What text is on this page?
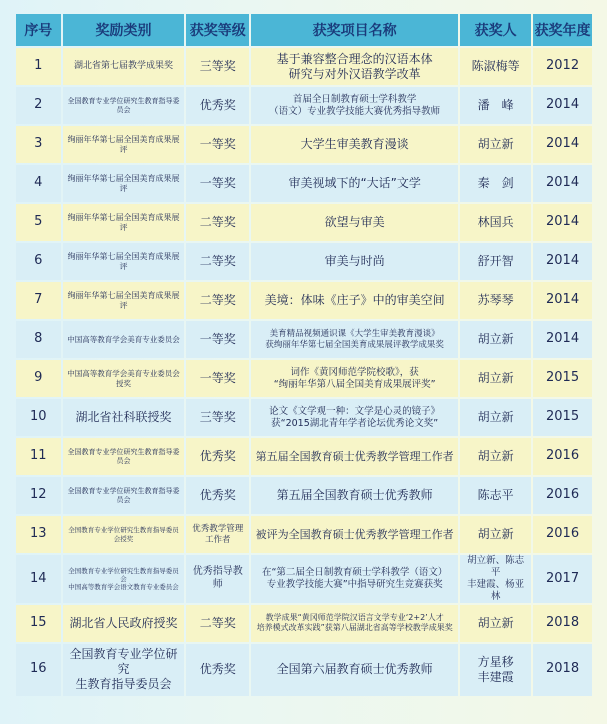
序号	奖励类别	获奖等级	获奖项目名称	获奖人	获奖年度
1	湖北省第七届教学成果奖	三等奖	基于兼容整合理念的汉语本体
研究与对外汉语教学改革	陈淑梅等	2012
2	全国教育专业学位研究生教育指导委员会	优秀奖	首届全日制教育硕士学科教学
（语文）专业教学技能大赛优秀指导教师	潘　峰	2014
3	绚丽年华第七届全国美育成果展评	一等奖	大学生审美教育漫谈	胡立新	2014
4	绚丽年华第七届全国美育成果展评	一等奖	审美视域下的“大话”文学	秦　剑	2014
5	绚丽年华第七届全国美育成果展评	二等奖	欲望与审美	林国兵	2014
6	绚丽年华第七届全国美育成果展评	二等奖	审美与时尚	舒开智	2014
7	绚丽年华第七届全国美育成果展评	二等奖	美境：体味《庄子》中的审美空间	苏琴琴	2014
8	中国高等教育学会美育专业委员会	一等奖	美育精品视频通识课《大学生审美教育漫谈》
获绚丽年华第七届全国美育成果展评教学成果奖	胡立新	2014
9	中国高等教育学会美育专业委员会授奖	一等奖	词作《黄冈师范学院校歌》，获
“绚丽年华第八届全国美育成果展评奖”	胡立新	2015
10	湖北省社科联授奖	三等奖	论文《文学观一种：文学是心灵的镜子》
获“2015湖北青年学者论坛优秀论文奖”	胡立新	2015
11	全国教育专业学位研究生教育指导委员会	优秀奖	第五届全国教育硕士优秀教学管理工作者	胡立新	2016
12	全国教育专业学位研究生教育指导委员会	优秀奖	第五届全国教育硕士优秀教师	陈志平	2016
13	全国教育专业学位研究生教育指导委员会授奖	优秀教学管理工作者	被评为全国教育硕士优秀教学管理工作者	胡立新	2016
14	全国教育专业学位研究生教育指导委员会
中国高等教育学会语文教育专业委员会	优秀指导教师	在“第二届全日制教育硕士学科教学（语文）
专业教学技能大赛”中指导研究生竞赛获奖	胡立新、陈志平
丰建霞、杨亚林	2017
15	湖北省人民政府授奖	二等奖	教学成果“黄冈师范学院汉语言文学专业‘2+2’人才
培养模式改革实践”获第八届湖北省高等学校教学成果奖	胡立新	2018
16	全国教育专业学位研究
生教育指导委员会	优秀奖	全国第六届教育硕士优秀教师	方星移
丰建霞	2018
